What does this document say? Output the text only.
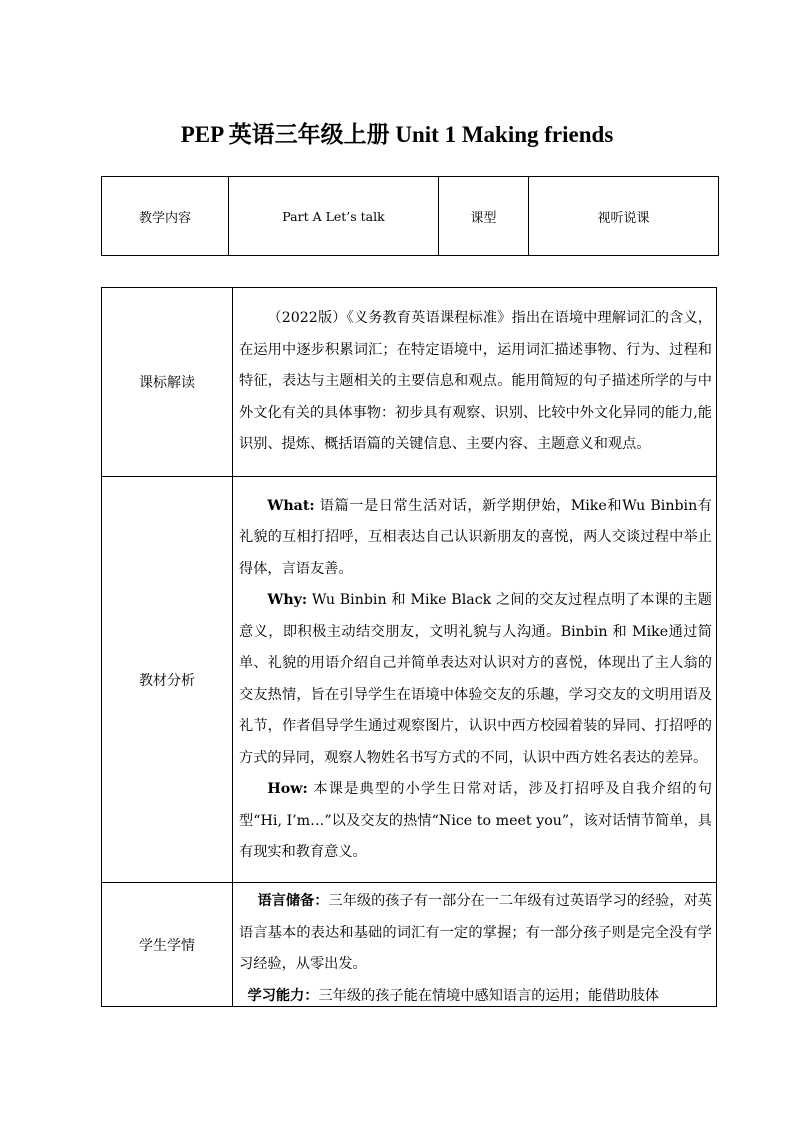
PEP 英语三年级上册 Unit 1 Making friends
教学内容	Part A Let’s talk	课型	视听说课
课标解读	（2022版）《义务教育英语课程标准》指出在语境中理解词汇的含义，在运用中逐步积累词汇；在特定语境中，运用词汇描述事物、行为、过程和特征，表达与主题相关的主要信息和观点。能用简短的句子描述所学的与中外文化有关的具体事物：初步具有观察、识别、比较中外文化异同的能力,能识别、提炼、概括语篇的关键信息、主要内容、主题意义和观点。

教材分析	What: 语篇一是日常生活对话，新学期伊始，Mike和Wu Binbin有礼貌的互相打招呼，互相表达自己认识新朋友的喜悦，两人交谈过程中举止得体，言语友善。

Why: Wu Binbin 和 Mike Black 之间的交友过程点明了本课的主题意义，即积极主动结交朋友，文明礼貌与人沟通。Binbin 和 Mike通过简单、礼貌的用语介绍自己并简单表达对认识对方的喜悦，体现出了主人翁的交友热情，旨在引导学生在语境中体验交友的乐趣，学习交友的文明用语及礼节，作者倡导学生通过观察图片，认识中西方校园着装的异同、打招呼的方式的异同，观察人物姓名书写方式的不同，认识中西方姓名表达的差异。

How: 本课是典型的小学生日常对话，涉及打招呼及自我介绍的句型“Hi, I’m…”以及交友的热情“Nice to meet you”，该对话情节简单，具有现实和教育意义。

学生学情	语言储备：三年级的孩子有一部分在一二年级有过英语学习的经验，对英语言基本的表达和基础的词汇有一定的掌握；有一部分孩子则是完全没有学习经验，从零出发。

学习能力：三年级的孩子能在情境中感知语言的运用；能借助肢体
